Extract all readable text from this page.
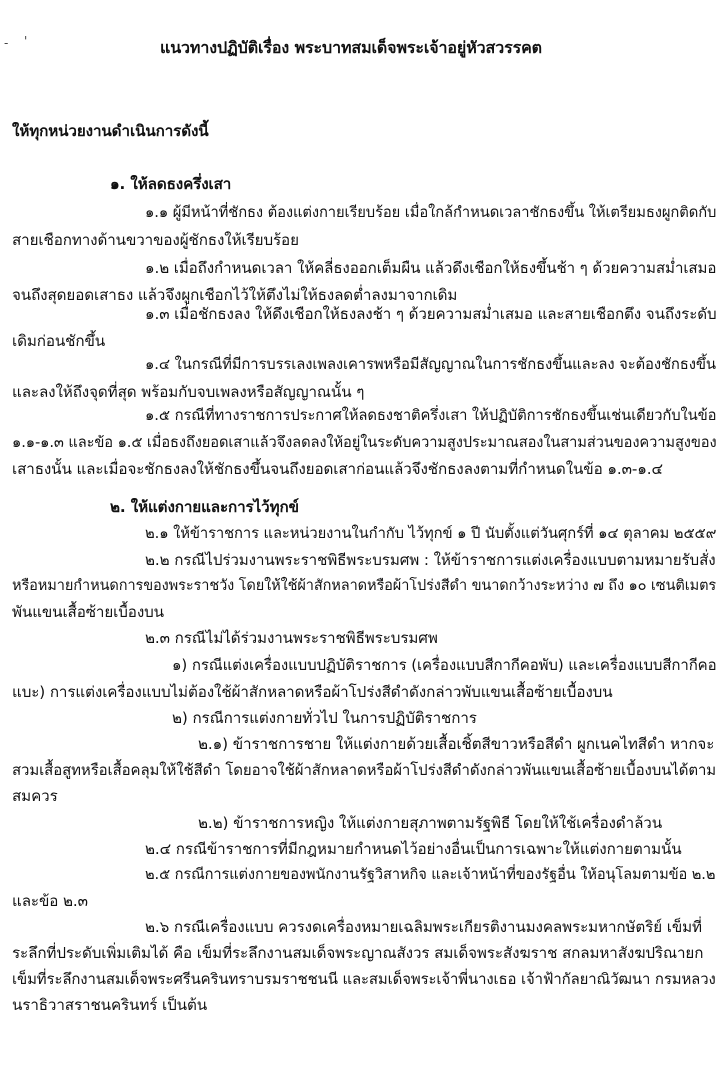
- '	แนวทางปฏิบัติเรื่อง พระบาทสมเด็จพระเจ้าอยู่หัวสวรรคต
ให้ทุกหน่วยงานดำเนินการดังนี้
๑. ให้ลดธงครึ่งเสา
๑.๑ ผู้มีหน้าที่ชักธง ต้องแต่งกายเรียบร้อย เมื่อใกล้กำหนดเวลาชักธงขึ้น ให้เตรียมธงผูกติดกับ
สายเชือกทางด้านขวาของผู้ชักธงให้เรียบร้อย
๑.๒ เมื่อถึงกำหนดเวลา ให้คลี่ธงออกเต็มผืน แล้วดึงเชือกให้ธงขึ้นช้า ๆ ด้วยความสม่ำเสมอ
จนถึงสุดยอดเสาธง แล้วจึงผูกเชือกไว้ให้ตึงไม่ให้ธงลดต่ำลงมาจากเดิม
๑.๓ เมื่อชักธงลง ให้ดึงเชือกให้ธงลงช้า ๆ ด้วยความสม่ำเสมอ และสายเชือกตึง จนถึงระดับ
เดิมก่อนชักขึ้น
๑.๔ ในกรณีที่มีการบรรเลงเพลงเคารพหรือมีสัญญาณในการชักธงขึ้นและลง จะต้องชักธงขึ้น
และลงให้ถึงจุดที่สุด พร้อมกับจบเพลงหรือสัญญาณนั้น ๆ
๑.๕ กรณีที่ทางราชการประกาศให้ลดธงชาติครึ่งเสา ให้ปฏิบัติการชักธงขึ้นเช่นเดียวกับในข้อ
๑.๑-๑.๓ และข้อ ๑.๕ เมื่อธงถึงยอดเสาแล้วจึงลดลงให้อยู่ในระดับความสูงประมาณสองในสามส่วนของความสูงของ
เสาธงนั้น และเมื่อจะชักธงลงให้ชักธงขึ้นจนถึงยอดเสาก่อนแล้วจึงชักธงลงตามที่กำหนดในข้อ ๑.๓-๑.๔
๒. ให้แต่งกายและการไว้ทุกข์
๒.๑ ให้ข้าราชการ และหน่วยงานในกำกับ ไว้ทุกข์ ๑ ปี นับตั้งแต่วันศุกร์ที่ ๑๔ ตุลาคม ๒๕๕๙
๒.๒ กรณีไปร่วมงานพระราชพิธีพระบรมศพ : ให้ข้าราชการแต่งเครื่องแบบตามหมายรับสั่ง
หรือหมายกำหนดการของพระราชวัง โดยให้ใช้ผ้าสักหลาดหรือผ้าโปร่งสีดำ ขนาดกว้างระหว่าง ๗ ถึง ๑๐ เซนติเมตร
พันแขนเสื้อซ้ายเบื้องบน
๒.๓ กรณีไม่ได้ร่วมงานพระราชพิธีพระบรมศพ
๑) กรณีแต่งเครื่องแบบปฏิบัติราชการ (เครื่องแบบสีกากีคอพับ) และเครื่องแบบสีกากีคอ
แบะ) การแต่งเครื่องแบบไม่ต้องใช้ผ้าสักหลาดหรือผ้าโปร่งสีดำดังกล่าวพับแขนเสื้อซ้ายเบื้องบน
๒) กรณีการแต่งกายทั่วไป ในการปฏิบัติราชการ
๒.๑) ข้าราชการชาย ให้แต่งกายด้วยเสื้อเชิ้ตสีขาวหรือสีดำ ผูกเนคไทสีดำ หากจะ
สวมเสื้อสูทหรือเสื้อคลุมให้ใช้สีดำ โดยอาจใช้ผ้าสักหลาดหรือผ้าโปร่งสีดำดังกล่าวพันแขนเสื้อซ้ายเบื้องบนได้ตาม
สมควร
๒.๒) ข้าราชการหญิง ให้แต่งกายสุภาพตามรัฐพิธี โดยให้ใช้เครื่องดำล้วน
๒.๔ กรณีข้าราชการที่มีกฎหมายกำหนดไว้อย่างอื่นเป็นการเฉพาะให้แต่งกายตามนั้น
๒.๕ กรณีการแต่งกายของพนักงานรัฐวิสาหกิจ และเจ้าหน้าที่ของรัฐอื่น ให้อนุโลมตามข้อ ๒.๒
และข้อ ๒.๓
๒.๖ กรณีเครื่องแบบ ควรงดเครื่องหมายเฉลิมพระเกียรติงานมงคลพระมหากษัตริย์ เข็มที่
ระลึกที่ประดับเพิ่มเติมได้ คือ เข็มที่ระลึกงานสมเด็จพระญาณสังวร สมเด็จพระสังฆราช สกลมหาสังฆปริณายก
เข็มที่ระลึกงานสมเด็จพระศรีนครินทราบรมราชชนนี และสมเด็จพระเจ้าพี่นางเธอ เจ้าฟ้ากัลยาณิวัฒนา กรมหลวง
นราธิวาสราชนครินทร์ เป็นต้น
